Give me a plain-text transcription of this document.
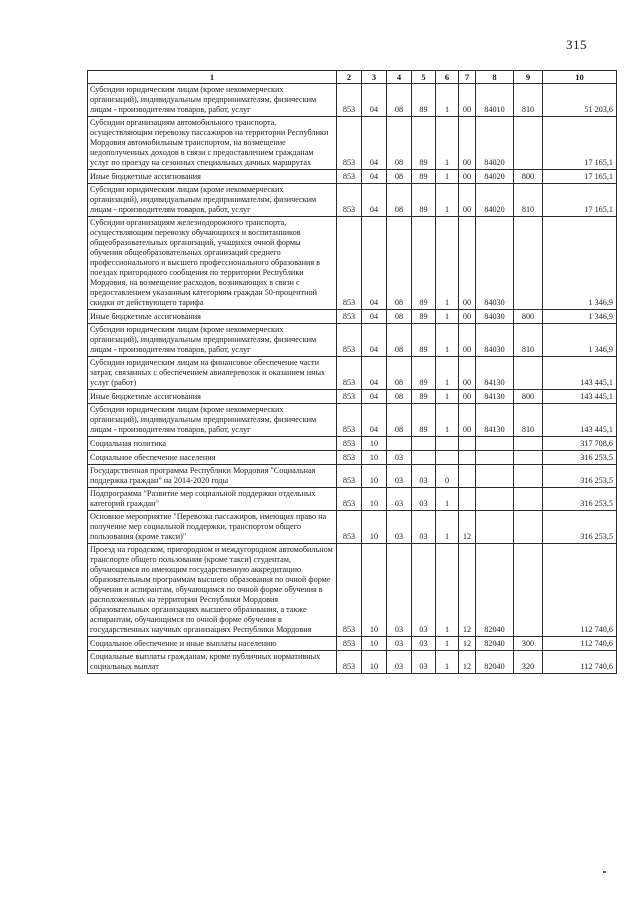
315
1	2	3	4	5	6	7	8	9	10
Субсидии юридическим лицам (кроме некоммерческих организаций), индивидуальным предпринимателям, физическим лицам - производителям товаров, работ, услуг	853	04	08	89	1	00	84010	810	51 203,6
Субсидии организациям автомобильного транспорта, осуществляющим перевозку пассажиров на территории Республики Мордовия автомобильным транспортом, на возмещение недополученных доходов в связи с предоставлением гражданам услуг по проезду на сезонных специальных дачных маршрутах	853	04	08	89	1	00	84020		17 165,1
Иные бюджетные ассигнования	853	04	08	89	1	00	84020	800	17 165,1
Субсидии юридическим лицам (кроме некоммерческих организаций), индивидуальным предпринимателям, физическим лицам - производителям товаров, работ, услуг	853	04	08	89	1	00	84020	810	17 165,1
Субсидии организациям железнодорожного транспорта, осуществляющим перевозку обучающихся и воспитанников общеобразовательных организаций, учащихся очной формы обучения общеобразовательных организаций среднего профессионального и высшего профессионального образования в поездах пригородного сообщения по территории Республики Мордовия, на возмещение расходов, возникающих в связи с предоставлением указанным категориям граждан 50-процентной скидки от действующего тарифа	853	04	08	89	1	00	84030		1 346,9
Иные бюджетные ассигнования	853	04	08	89	1	00	84030	800	1 346,9
Субсидии юридическим лицам (кроме некоммерческих организаций), индивидуальным предпринимателям, физическим лицам - производителям товаров, работ, услуг	853	04	08	89	1	00	84030	810	1 346,9
Субсидии юридическим лицам на финансовое обеспечение части затрат, связанных с обеспечением авиаперевозок и оказанием иных услуг (работ)	853	04	08	89	1	00	84130		143 445,1
Иные бюджетные ассигнования	853	04	08	89	1	00	84130	800	143 445,1
Субсидии юридическим лицам (кроме некоммерческих организаций), индивидуальным предпринимателям, физическим лицам - производителям товаров, работ, услуг	853	04	08	89	1	00	84130	810	143 445,1
Социальная политика	853	10							317 708,6
Социальное обеспечение населения	853	10	03						316 253,5
Государственная программа Республики Мордовия "Социальная поддержка граждан" на 2014-2020 годы	853	10	03	03	0				316 253,5
Подпрограмма "Развитие мер социальной поддержки отдельных категорий граждан"	853	10	03	03	1				316 253,5
Основное мероприятие "Перевозка пассажиров, имеющих право на получение мер социальной поддержки, транспортом общего пользования (кроме такси)"	853	10	03	03	1	12			316 253,5
Проезд на городском, пригородном и междугородном автомобильном транспорте общего пользования (кроме такси) студентам, обучающимся по имеющим государственную аккредитацию образовательным программам высшего образования по очной форме обучения и аспирантам, обучающимся по очной форме обучения в расположенных на территории Республики Мордовия образовательных организациях высшего образования, а также аспирантам, обучающимся по очной форме обучения в государственных научных организациях Республики Мордовия	853	10	03	03	1	12	82040		112 740,6
Социальное обеспечение и иные выплаты населению	853	10	03	03	1	12	82040	300	112 740,6
Социальные выплаты гражданам, кроме публичных нормативных социальных выплат	853	10	03	03	1	12	82040	320	112 740,6
